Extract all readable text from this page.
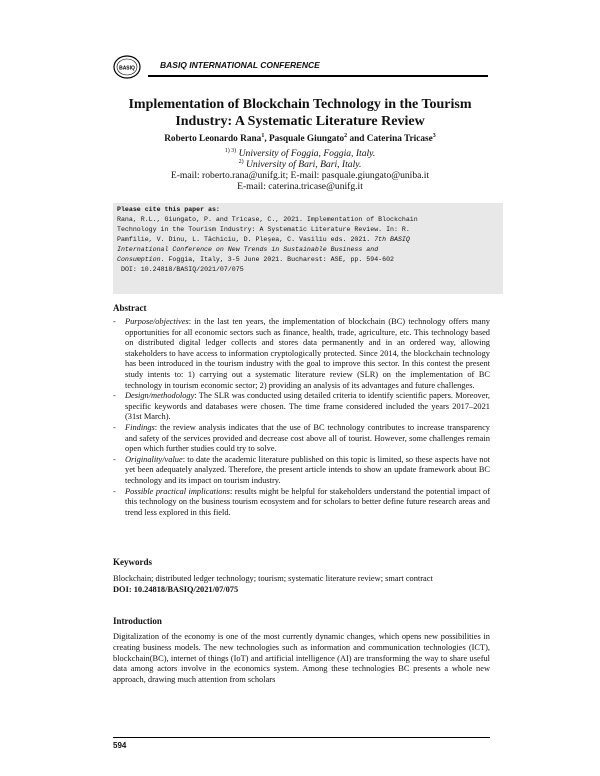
BASIQ	BASIQ INTERNATIONAL CONFERENCE
Implementation of Blockchain Technology in the Tourism
Industry: A Systematic Literature Review
Roberto Leonardo Rana$^1$, Pasquale Giungato$^2$ and Caterina Tricase$^3$
$^{1) 3)}$ University of Foggia, Foggia, Italy.
$^{2)}$ University of Bari, Bari, Italy.
E-mail: roberto.rana@unifg.it; E-mail: pasquale.giungato@uniba.it
E-mail: caterina.tricase@unifg.it
Please cite this paper as:
Rana, R.L., Giungato, P. and Tricase, C., 2021. Implementation of Blockchain
Technology in the Tourism Industry: A Systematic Literature Review. In: R.
Pamfilie, V. Dinu, L. Tăchiciu, D. Pleșea, C. Vasiliu eds. 2021. 7th BASIQ
International Conference on New Trends in Sustainable Business and
Consumption. Foggia, Italy, 3-5 June 2021. Bucharest: ASE, pp. 594-602
DOI: 10.24818/BASIQ/2021/07/075
Abstract
- Purpose/objectives: in the last ten years, the implementation of blockchain (BC) technology offers many opportunities for all economic sectors such as finance, health, trade, agriculture, etc. This technology based on distributed digital ledger collects and stores data permanently and in an ordered way, allowing stakeholders to have access to information cryptologically protected. Since 2014, the blockchain technology has been introduced in the tourism industry with the goal to improve this sector. In this contest the present study intents to: 1) carrying out a systematic literature review (SLR) on the implementation of BC technology in tourism economic sector; 2) providing an analysis of its advantages and future challenges.
- Design/methodology: The SLR was conducted using detailed criteria to identify scientific papers. Moreover, specific keywords and databases were chosen. The time frame considered included the years 2017–2021 (31st March).
- Findings: the review analysis indicates that the use of BC technology contributes to increase transparency and safety of the services provided and decrease cost above all of tourist. However, some challenges remain open which further studies could try to solve.
- Originality/value: to date the academic literature published on this topic is limited, so these aspects have not yet been adequately analyzed. Therefore, the present article intends to show an update framework about BC technology and its impact on tourism industry.
- Possible practical implications: results might be helpful for stakeholders understand the potential impact of this technology on the business tourism ecosystem and for scholars to better define future research areas and trend less explored in this field.
Keywords
Blockchain; distributed ledger technology; tourism; systematic literature review; smart contract
DOI: 10.24818/BASIQ/2021/07/075
Introduction
Digitalization of the economy is one of the most currently dynamic changes, which opens new possibilities in creating business models. The new technologies such as information and communication technologies (ICT), blockchain(BC), internet of things (IoT) and artificial intelligence (AI) are transforming the way to share useful data among actors involve in the economics system. Among these technologies BC presents a whole new approach, drawing much attention from scholars
594
